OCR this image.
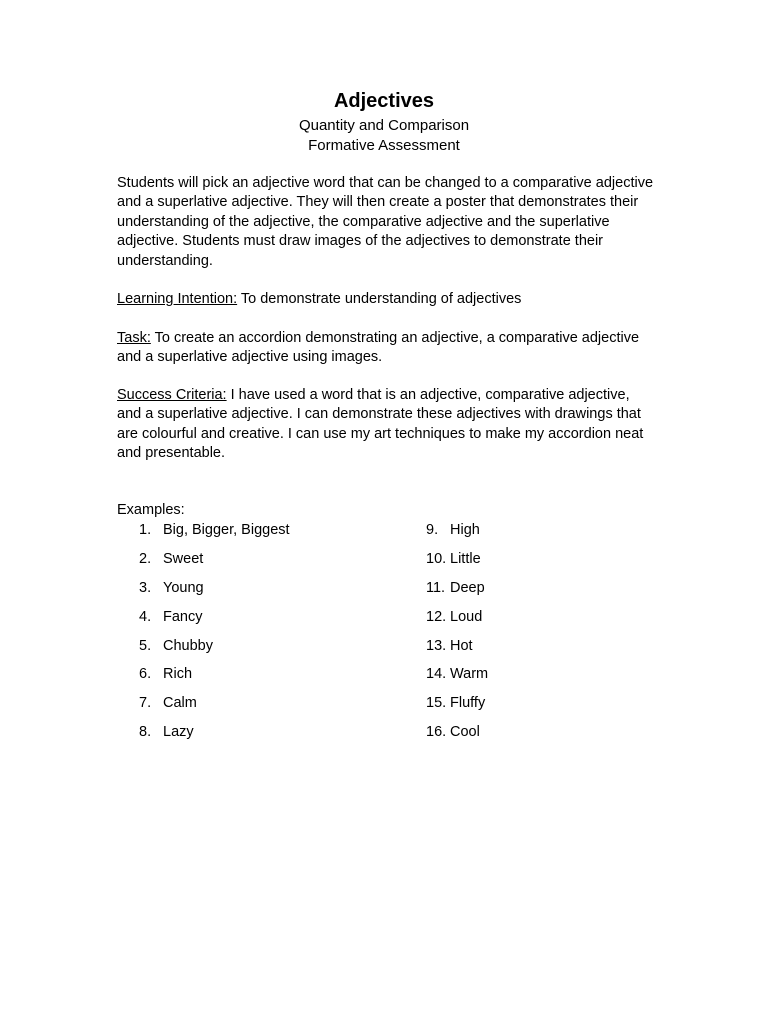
Adjectives
Quantity and Comparison
Formative Assessment

Students will pick an adjective word that can be changed to a comparative adjective and a superlative adjective. They will then create a poster that demonstrates their understanding of the adjective, the comparative adjective and the superlative adjective. Students must draw images of the adjectives to demonstrate their understanding.

Learning Intention: To demonstrate understanding of adjectives

Task: To create an accordion demonstrating an adjective, a comparative adjective and a superlative adjective using images.

Success Criteria: I have used a word that is an adjective, comparative adjective, and a superlative adjective. I can demonstrate these adjectives with drawings that are colourful and creative. I can use my art techniques to make my accordion neat and presentable.

Examples:
1. Big, Bigger, Biggest
2. Sweet
3. Young
4. Fancy
5. Chubby
6. Rich
7. Calm
8. Lazy
9. High
10. Little
11. Deep
12. Loud
13. Hot
14. Warm
15. Fluffy
16. Cool
